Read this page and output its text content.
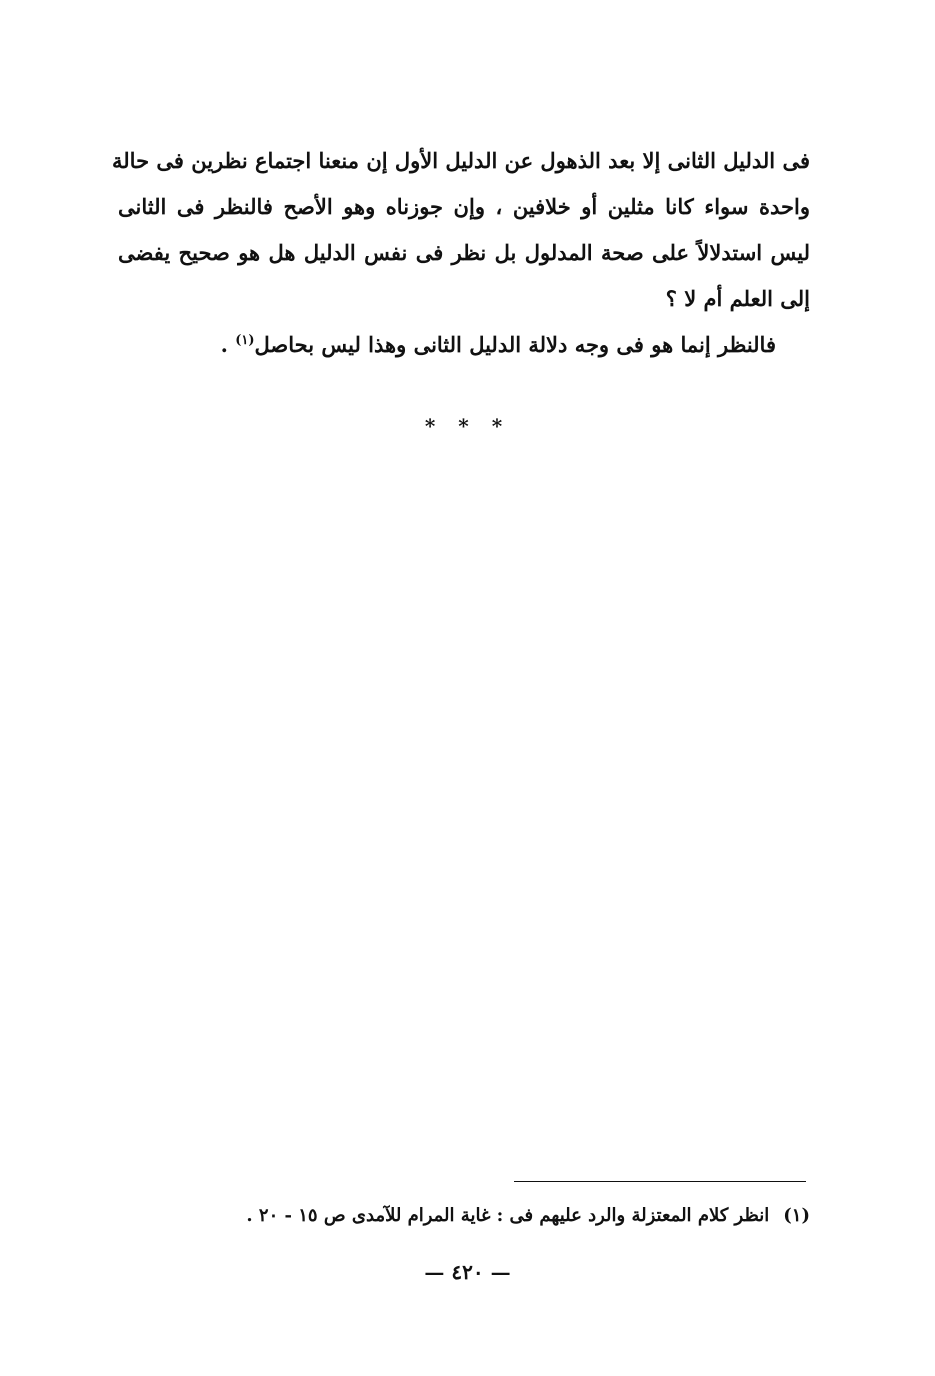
فى الدليل الثانى إلا بعد الذهول عن الدليل الأول إن منعنا اجتماع نظرين فى حالة
واحدة سواء كانا مثلين أو خلافين ، وإن جوزناه وهو الأصح فالنظر فى الثانى
ليس استدلالاً على صحة المدلول بل نظر فى نفس الدليل هل هو صحيح يفضى
إلى العلم أم لا ؟
فالنظر إنما هو فى وجه دلالة الدليل الثانى وهذا ليس بحاصل$^{(١)}$ .
* * *
(١)انظر كلام المعتزلة والرد عليهم فى : غاية المرام للآمدى ص ١٥ - ٢٠ .
— ٤٢٠ —
